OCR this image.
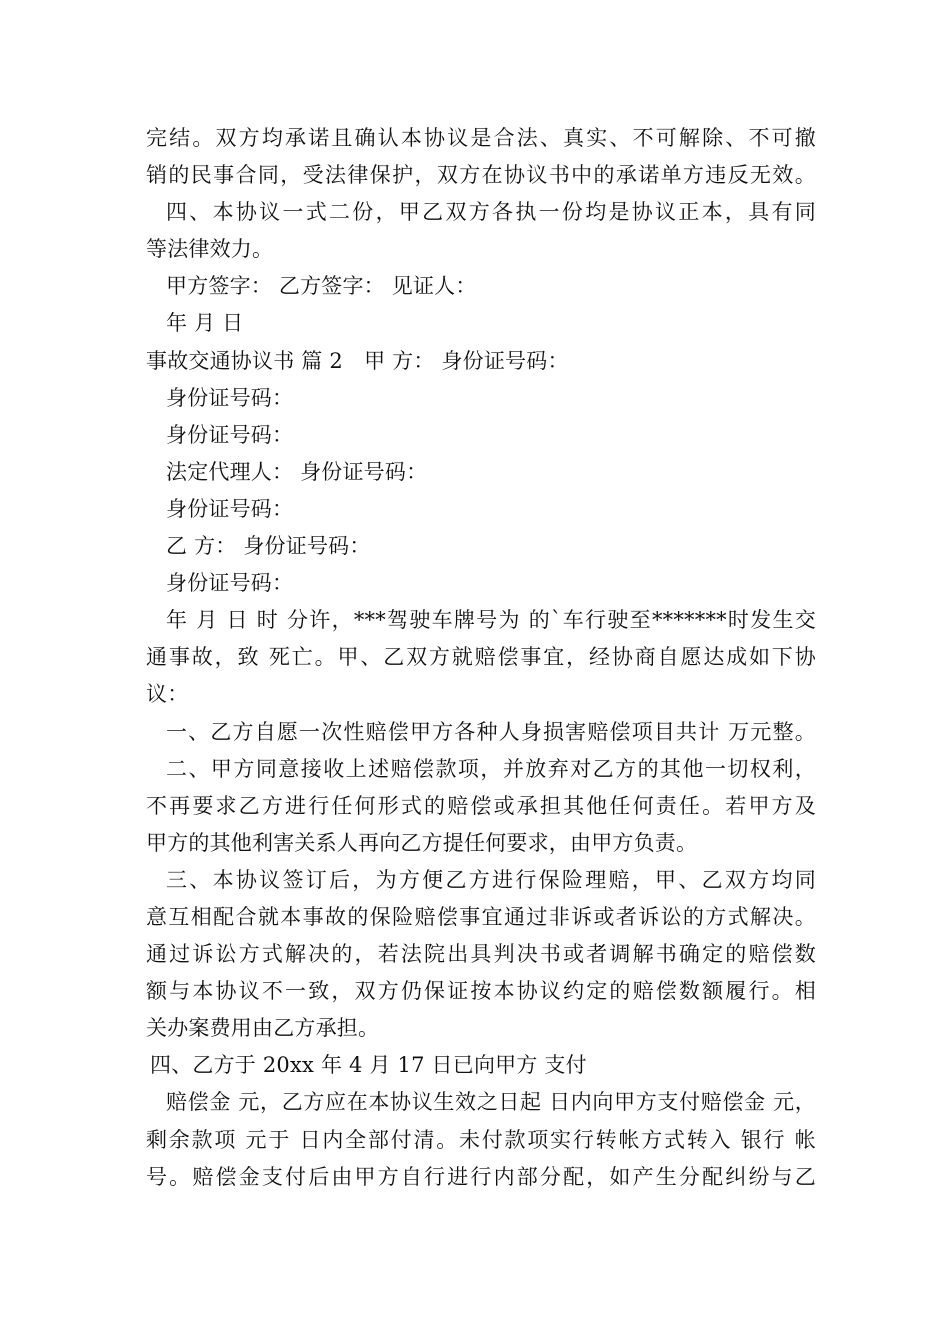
完结。双方均承诺且确认本协议是合法、真实、不可解除、不可撤
销的民事合同，受法律保护，双方在协议书中的承诺单方违反无效。
四、本协议一式二份，甲乙双方各执一份均是协议正本，具有同
等法律效力。
甲方签字： 乙方签字： 见证人：
年 月 日
事故交通协议书 篇 2　甲 方： 身份证号码：
身份证号码：
身份证号码：
法定代理人： 身份证号码：
身份证号码：
乙 方： 身份证号码：
身份证号码：
年 月 日 时 分许，***驾驶车牌号为 的`车行驶至*******时发生交
通事故，致 死亡。甲、乙双方就赔偿事宜，经协商自愿达成如下协
议：
一、乙方自愿一次性赔偿甲方各种人身损害赔偿项目共计 万元整。
二、甲方同意接收上述赔偿款项，并放弃对乙方的其他一切权利，
不再要求乙方进行任何形式的赔偿或承担其他任何责任。若甲方及
甲方的其他利害关系人再向乙方提任何要求，由甲方负责。
三、本协议签订后，为方便乙方进行保险理赔，甲、乙双方均同
意互相配合就本事故的保险赔偿事宜通过非诉或者诉讼的方式解决。
通过诉讼方式解决的，若法院出具判决书或者调解书确定的赔偿数
额与本协议不一致，双方仍保证按本协议约定的赔偿数额履行。相
关办案费用由乙方承担。
四、乙方于 20xx 年 4 月 17 日已向甲方 支付
赔偿金 元，乙方应在本协议生效之日起 日内向甲方支付赔偿金 元，
剩余款项 元于 日内全部付清。未付款项实行转帐方式转入 银行 帐
号。赔偿金支付后由甲方自行进行内部分配，如产生分配纠纷与乙
